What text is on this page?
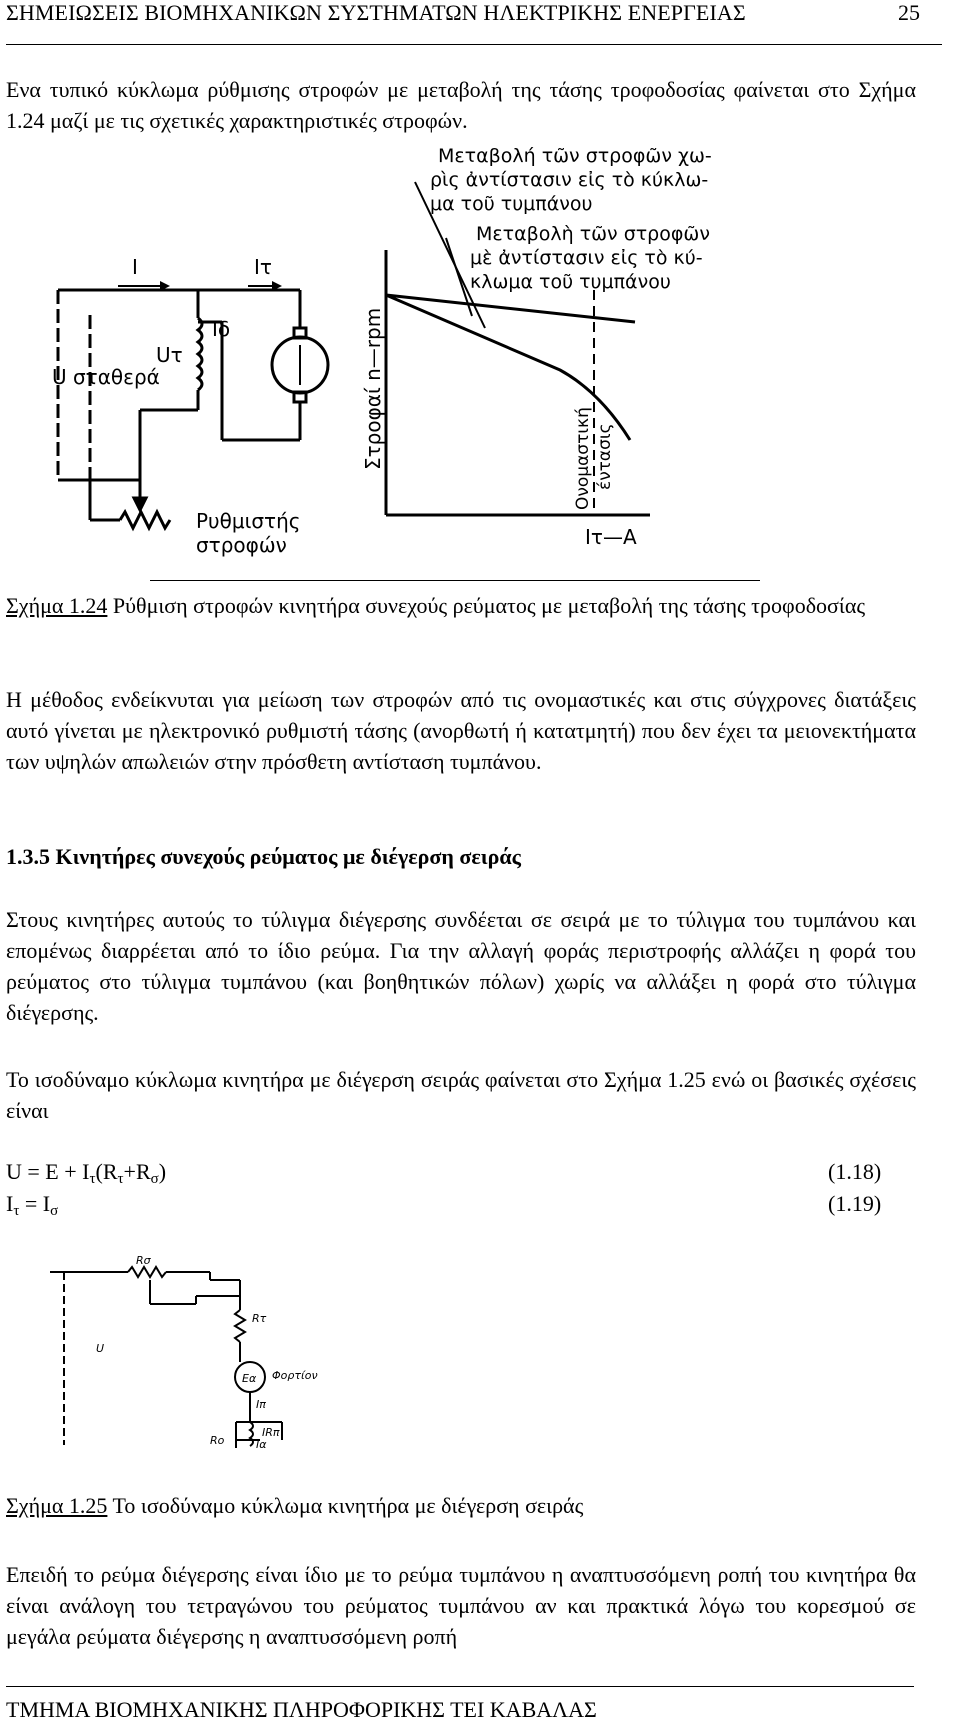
ΣΗΜΕΙΩΣΕΙΣ ΒΙΟΜΗΧΑΝΙΚΩΝ ΣΥΣΤΗΜΑΤΩΝ ΗΛΕΚΤΡΙΚΗΣ ΕΝΕΡΓΕΙΑΣ	25
Ενα τυπικό κύκλωμα ρύθμισης στροφών με μεταβολή της τάσης τροφοδοσίας φαίνεται στο Σχήμα 1.24 μαζί με τις σχετικές χαρακτηριστικές στροφών.
I	Iτ
Iδ
Uτ
U σταθερά
Ρυθμιστής
στροφών
Στροφαί n—rpm	Ονομαστική έντασις
Iτ—A
Μεταβολή τῶν στροφῶν χω-
ρὶς ἀντίστασιν εἰς τὸ κύκλω-
μα τοῦ τυμπάνου
Μεταβολὴ τῶν στροφῶν
μὲ ἀντίστασιν εἰς τὸ κύ-
κλωμα τοῦ τυμπάνου
Σχήμα 1.24 Ρύθμιση στροφών κινητήρα συνεχούς ρεύματος με μεταβολή της τάσης τροφοδοσίας
Η μέθοδος ενδείκνυται για μείωση των στροφών από τις ονομαστικές και στις σύγχρονες διατάξεις αυτό γίνεται με ηλεκτρονικό ρυθμιστή τάσης (ανορθωτή ή κατατμητή) που δεν έχει τα μειονεκτήματα των υψηλών απωλειών στην πρόσθετη αντίσταση τυμπάνου.
1.3.5 Κινητήρες συνεχούς ρεύματος με διέγερση σειράς
Στους κινητήρες αυτούς το τύλιγμα διέγερσης συνδέεται σε σειρά με το τύλιγμα του τυμπάνου και επομένως διαρρέεται από το ίδιο ρεύμα. Για την αλλαγή φοράς περιστροφής αλλάζει η φορά του ρεύματος στο τύλιγμα τυμπάνου (και βοηθητικών πόλων) χωρίς να αλλάξει η φορά στο τύλιγμα διέγερσης.
Το ισοδύναμο κύκλωμα κινητήρα με διέγερση σειράς φαίνεται στο Σχήμα 1.25 ενώ οι βασικές σχέσεις είναι
$U = E + I_\tau(R_\tau+R_\sigma)$	(1.18)
$I_\tau = I_\sigma$	(1.19)
Rσ
Rτ
Eα Φορτίον
U
Iπ
IRπ
Ro	Iα
Σχήμα 1.25 Το ισοδύναμο κύκλωμα κινητήρα με διέγερση σειράς
Επειδή το ρεύμα διέγερσης είναι ίδιο με το ρεύμα τυμπάνου η αναπτυσσόμενη ροπή του κινητήρα θα είναι ανάλογη του τετραγώνου του ρεύματος τυμπάνου αν και πρακτικά λόγω του κορεσμού σε μεγάλα ρεύματα διέγερσης η αναπτυσσόμενη ροπή
ΤΜΗΜΑ ΒΙΟΜΗΧΑΝΙΚΗΣ ΠΛΗΡΟΦΟΡΙΚΗΣ ΤΕΙ ΚΑΒΑΛΑΣ
